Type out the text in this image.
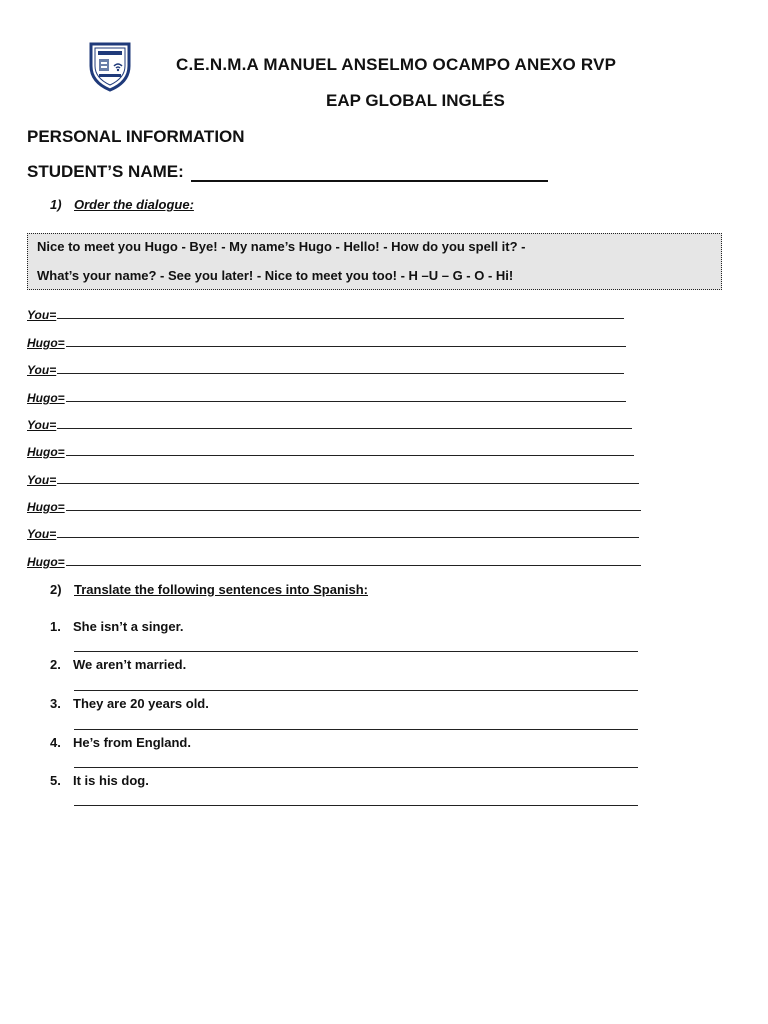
C.E.N.M.A MANUEL ANSELMO OCAMPO ANEXO RVP
EAP GLOBAL INGLÉS
PERSONAL INFORMATION
STUDENT’S NAME:
1) Order the dialogue:
Nice to meet you Hugo - Bye! - My name’s Hugo - Hello! - How do you spell it? -
What’s your name? - See you later! - Nice to meet you too! - H –U – G - O - Hi!
You=
Hugo=
You=
Hugo=
You=
Hugo=
You=
Hugo=
You=
Hugo=
2) Translate the following sentences into Spanish:
1. She isn’t a singer.
2. We aren’t married.
3. They are 20 years old.
4. He’s from England.
5. It is his dog.
